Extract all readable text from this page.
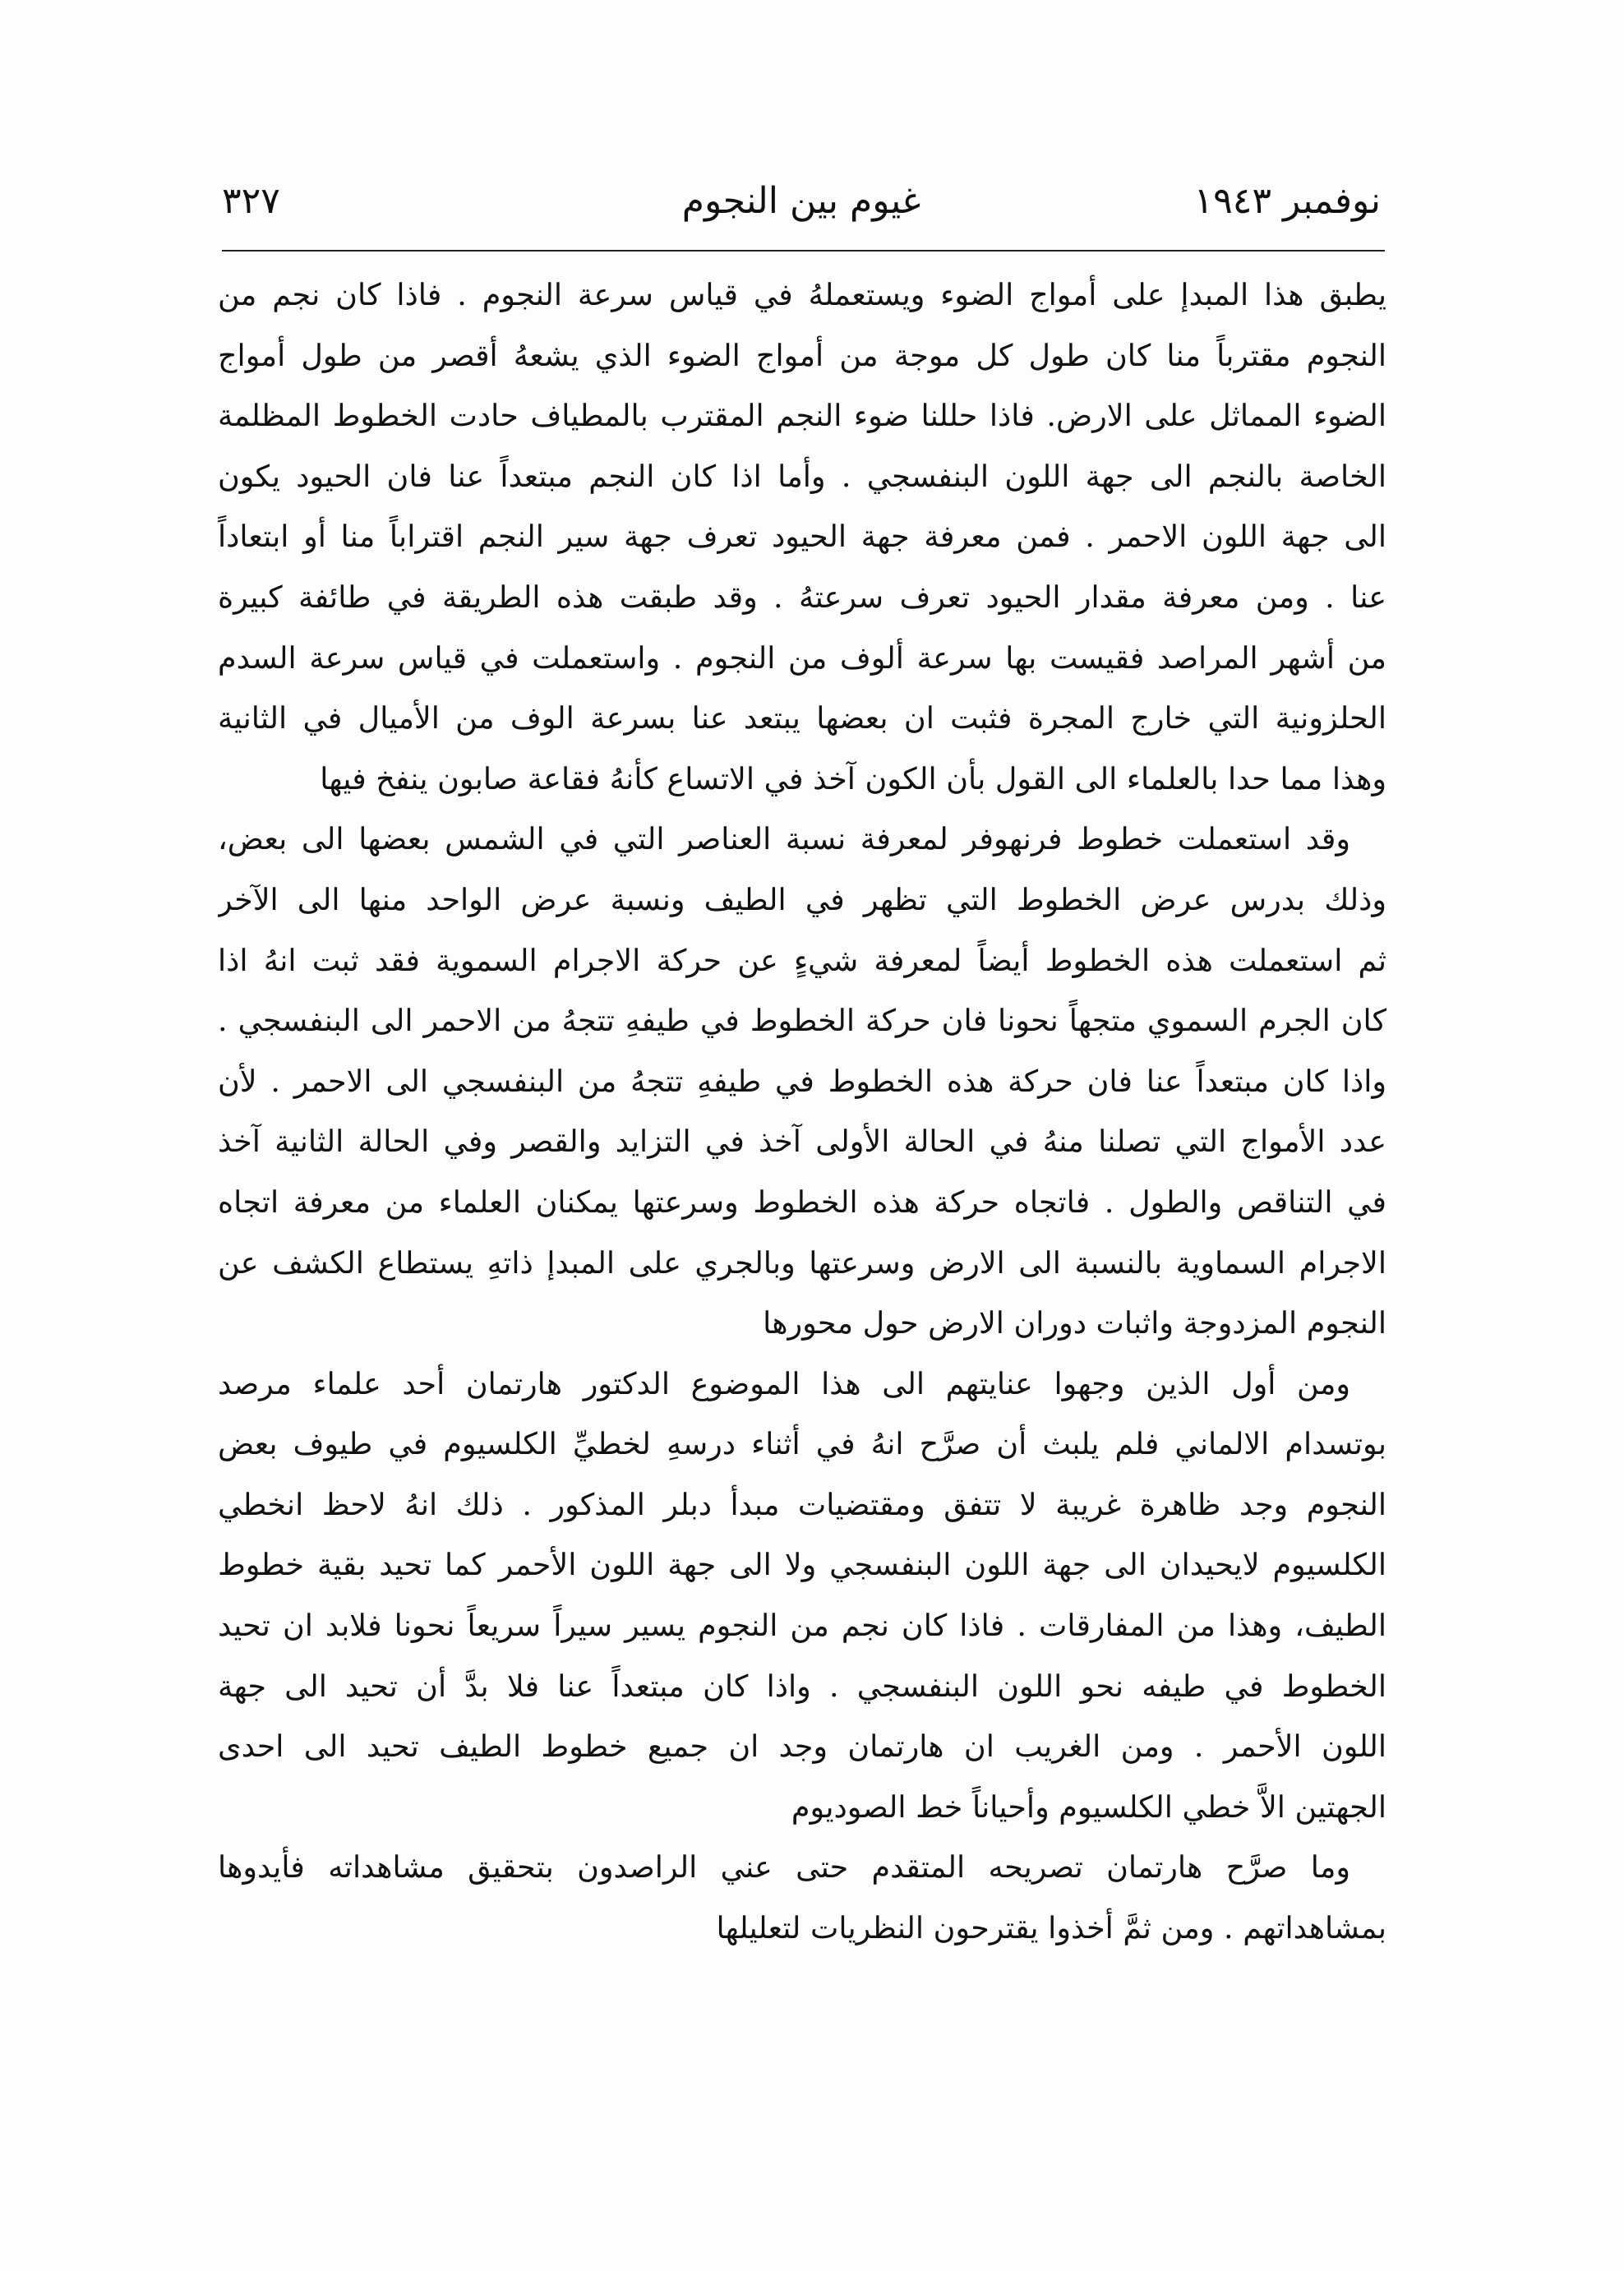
نوفمبر ١٩٤٣
غيوم بين النجوم
٣٢٧
يطبق هذا المبدإ على أمواج الضوء ويستعملهُ في قياس سرعة النجوم . فاذا كان نجم من
النجوم مقترباً منا كان طول كل موجة من أمواج الضوء الذي يشعهُ أقصر من طول أمواج
الضوء المماثل على الارض. فاذا حللنا ضوء النجم المقترب بالمطياف حادت الخطوط المظلمة
الخاصة بالنجم الى جهة اللون البنفسجي . وأما اذا كان النجم مبتعداً عنا فان الحيود يكون
الى جهة اللون الاحمر . فمن معرفة جهة الحيود تعرف جهة سير النجم اقتراباً منا أو ابتعاداً
عنا . ومن معرفة مقدار الحيود تعرف سرعتهُ . وقد طبقت هذه الطريقة في طائفة كبيرة
من أشهر المراصد فقيست بها سرعة ألوف من النجوم . واستعملت في قياس سرعة السدم
الحلزونية التي خارج المجرة فثبت ان بعضها يبتعد عنا بسرعة الوف من الأميال في الثانية
وهذا مما حدا بالعلماء الى القول بأن الكون آخذ في الاتساع كأنهُ فقاعة صابون ينفخ فيها
وقد استعملت خطوط فرنهوفر لمعرفة نسبة العناصر التي في الشمس بعضها الى بعض،
وذلك بدرس عرض الخطوط التي تظهر في الطيف ونسبة عرض الواحد منها الى الآخر
ثم استعملت هذه الخطوط أيضاً لمعرفة شيءٍ عن حركة الاجرام السموية فقد ثبت انهُ اذا
كان الجرم السموي متجهاً نحونا فان حركة الخطوط في طيفهِ تتجهُ من الاحمر الى البنفسجي .
واذا كان مبتعداً عنا فان حركة هذه الخطوط في طيفهِ تتجهُ من البنفسجي الى الاحمر . لأن
عدد الأمواج التي تصلنا منهُ في الحالة الأولى آخذ في التزايد والقصر وفي الحالة الثانية آخذ
في التناقص والطول . فاتجاه حركة هذه الخطوط وسرعتها يمكنان العلماء من معرفة اتجاه
الاجرام السماوية بالنسبة الى الارض وسرعتها وبالجري على المبدإ ذاتهِ يستطاع الكشف عن
النجوم المزدوجة واثبات دوران الارض حول محورها
ومن أول الذين وجهوا عنايتهم الى هذا الموضوع الدكتور هارتمان أحد علماء مرصد
بوتسدام الالماني فلم يلبث أن صرَّح انهُ في أثناء درسهِ لخطيِّ الكلسيوم في طيوف بعض
النجوم وجد ظاهرة غريبة لا تتفق ومقتضيات مبدأ دبلر المذكور . ذلك انهُ لاحظ انخطي
الكلسيوم لايحيدان الى جهة اللون البنفسجي ولا الى جهة اللون الأحمر كما تحيد بقية خطوط
الطيف، وهذا من المفارقات . فاذا كان نجم من النجوم يسير سيراً سريعاً نحونا فلابد ان تحيد
الخطوط في طيفه نحو اللون البنفسجي . واذا كان مبتعداً عنا فلا بدَّ أن تحيد الى جهة
اللون الأحمر . ومن الغريب ان هارتمان وجد ان جميع خطوط الطيف تحيد الى احدى
الجهتين الاَّ خطي الكلسيوم وأحياناً خط الصوديوم
وما صرَّح هارتمان تصريحه المتقدم حتى عني الراصدون بتحقيق مشاهداته فأيدوها
بمشاهداتهم . ومن ثمَّ أخذوا يقترحون النظريات لتعليلها
